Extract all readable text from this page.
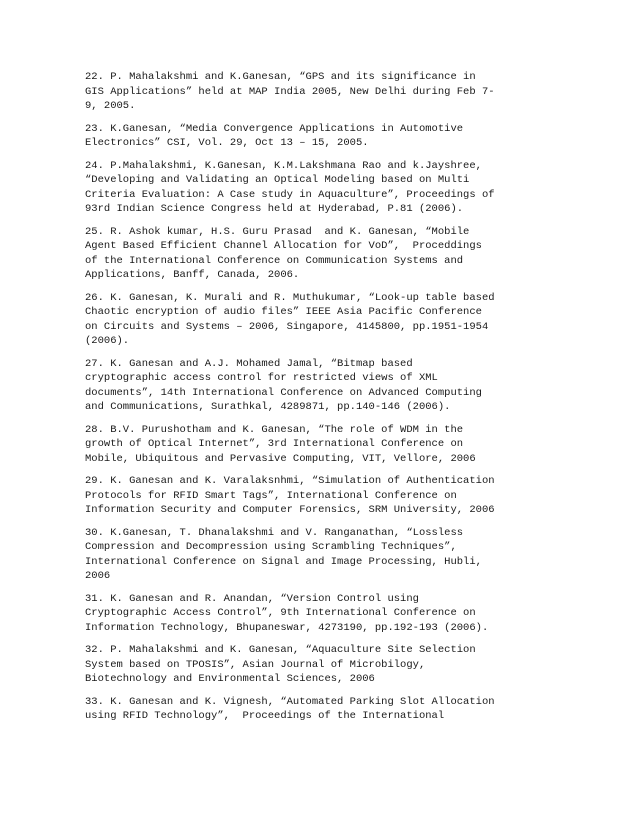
22. P. Mahalakshmi and K.Ganesan, “GPS and its significance in
GIS Applications” held at MAP India 2005, New Delhi during Feb 7-
9, 2005.
23. K.Ganesan, “Media Convergence Applications in Automotive
Electronics” CSI, Vol. 29, Oct 13 – 15, 2005.
24. P.Mahalakshmi, K.Ganesan, K.M.Lakshmana Rao and k.Jayshree,
“Developing and Validating an Optical Modeling based on Multi
Criteria Evaluation: A Case study in Aquaculture”, Proceedings of
93rd Indian Science Congress held at Hyderabad, P.81 (2006).
25. R. Ashok kumar, H.S. Guru Prasad  and K. Ganesan, “Mobile
Agent Based Efficient Channel Allocation for VoD”,  Proceddings
of the International Conference on Communication Systems and
Applications, Banff, Canada, 2006.
26. K. Ganesan, K. Murali and R. Muthukumar, “Look-up table based
Chaotic encryption of audio files” IEEE Asia Pacific Conference
on Circuits and Systems – 2006, Singapore, 4145800, pp.1951-1954
(2006).
27. K. Ganesan and A.J. Mohamed Jamal, “Bitmap based
cryptographic access control for restricted views of XML
documents”, 14th International Conference on Advanced Computing
and Communications, Surathkal, 4289871, pp.140-146 (2006).
28. B.V. Purushotham and K. Ganesan, “The role of WDM in the
growth of Optical Internet”, 3rd International Conference on
Mobile, Ubiquitous and Pervasive Computing, VIT, Vellore, 2006
29. K. Ganesan and K. Varalaksnhmi, “Simulation of Authentication
Protocols for RFID Smart Tags”, International Conference on
Information Security and Computer Forensics, SRM University, 2006
30. K.Ganesan, T. Dhanalakshmi and V. Ranganathan, “Lossless
Compression and Decompression using Scrambling Techniques”,
International Conference on Signal and Image Processing, Hubli,
2006
31. K. Ganesan and R. Anandan, “Version Control using
Cryptographic Access Control”, 9th International Conference on
Information Technology, Bhupaneswar, 4273190, pp.192-193 (2006).
32. P. Mahalakshmi and K. Ganesan, “Aquaculture Site Selection
System based on TPOSIS”, Asian Journal of Microbilogy,
Biotechnology and Environmental Sciences, 2006
33. K. Ganesan and K. Vignesh, “Automated Parking Slot Allocation
using RFID Technology”,  Proceedings of the International
